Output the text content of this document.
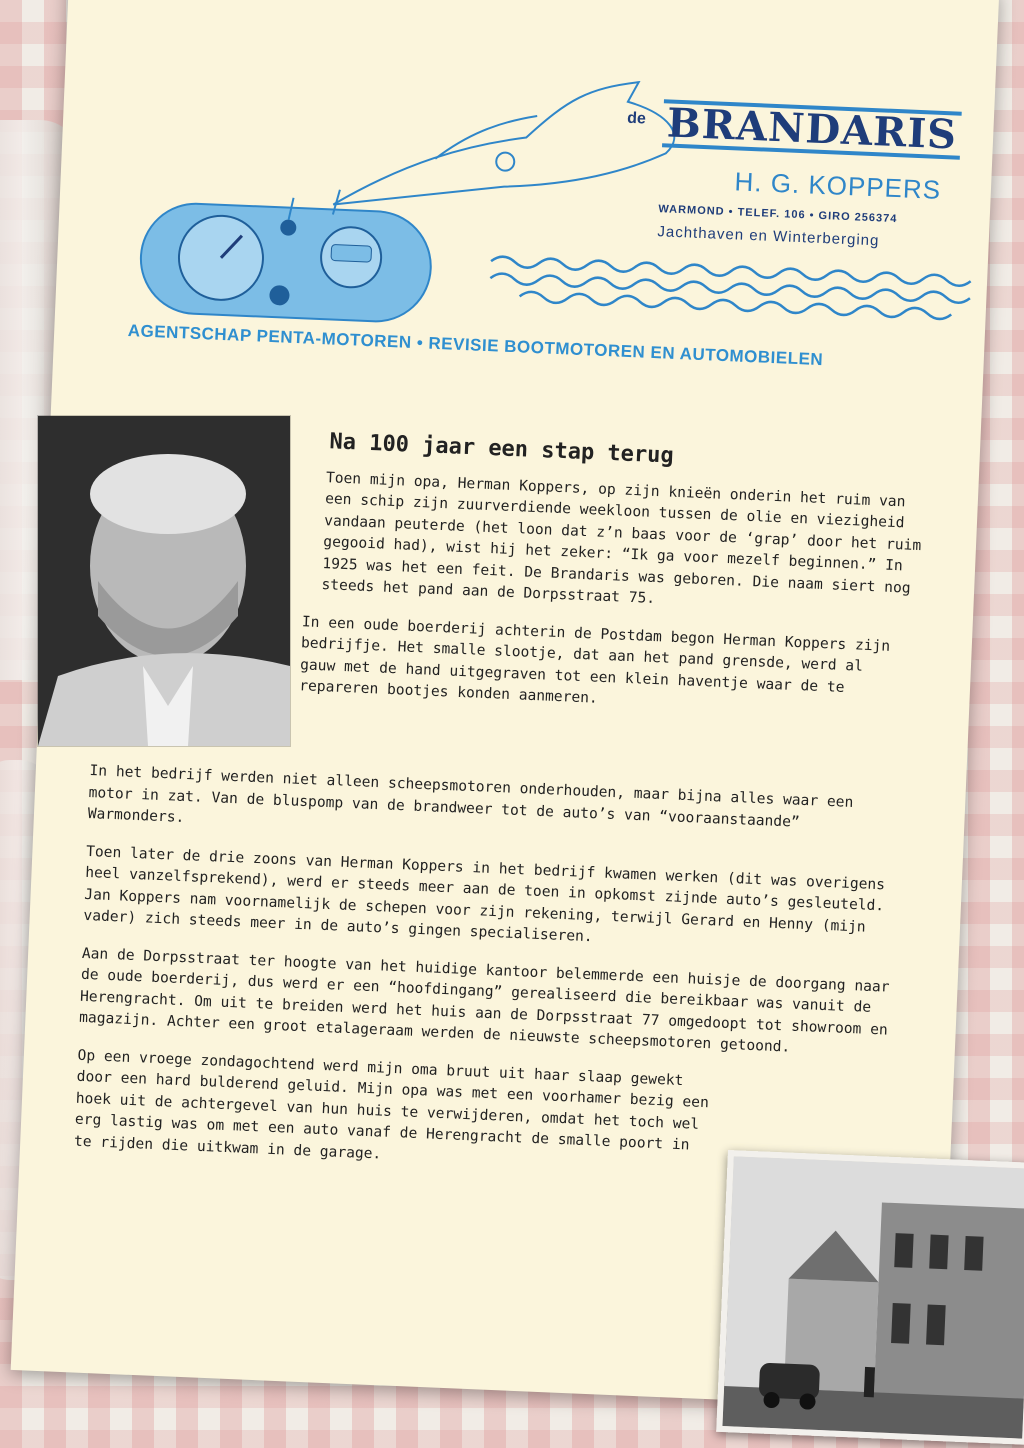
de BRANDARIS
H. G. KOPPERS
WARMOND • TELEF. 106 • GIRO 256374
Jachthaven en Winterberging
AGENTSCHAP PENTA-MOTOREN • REVISIE BOOTMOTOREN EN AUTOMOBIELEN
Na 100 jaar een stap terug

Toen mijn opa, Herman Koppers, op zijn knieën onderin het ruim van een schip zijn zuurverdiende weekloon tussen de olie en viezigheid vandaan peuterde (het loon dat z’n baas voor de ‘grap’ door het ruim gegooid had), wist hij het zeker: “Ik ga voor mezelf beginnen.” In 1925 was het een feit. De Brandaris was geboren. Die naam siert nog steeds het pand aan de Dorpsstraat 75.

In een oude boerderij achterin de Postdam begon Herman Koppers zijn bedrijfje. Het smalle slootje, dat aan het pand grensde, werd al gauw met de hand uitgegraven tot een klein haventje waar de te repareren bootjes konden aanmeren.

In het bedrijf werden niet alleen scheepsmotoren onderhouden, maar bijna alles waar een motor in zat. Van de bluspomp van de brandweer tot de auto’s van “vooraanstaande” Warmonders.

Toen later de drie zoons van Herman Koppers in het bedrijf kwamen werken (dit was overigens heel vanzelfsprekend), werd er steeds meer aan de toen in opkomst zijnde auto’s gesleuteld. Jan Koppers nam voornamelijk de schepen voor zijn rekening, terwijl Gerard en Henny (mijn vader) zich steeds meer in de auto’s gingen specialiseren.

Aan de Dorpsstraat ter hoogte van het huidige kantoor belemmerde een huisje de doorgang naar de oude boerderij, dus werd er een “hoofdingang” gerealiseerd die bereikbaar was vanuit de Herengracht. Om uit te breiden werd het huis aan de Dorpsstraat 77 omgedoopt tot showroom en magazijn. Achter een groot etalageraam werden de nieuwste scheepsmotoren getoond.

Op een vroege zondagochtend werd mijn oma bruut uit haar slaap gewekt door een hard bulderend geluid. Mijn opa was met een voorhamer bezig een hoek uit de achtergevel van hun huis te verwijderen, omdat het toch wel erg lastig was om met een auto vanaf de Herengracht de smalle poort in te rijden die uitkwam in de garage.
